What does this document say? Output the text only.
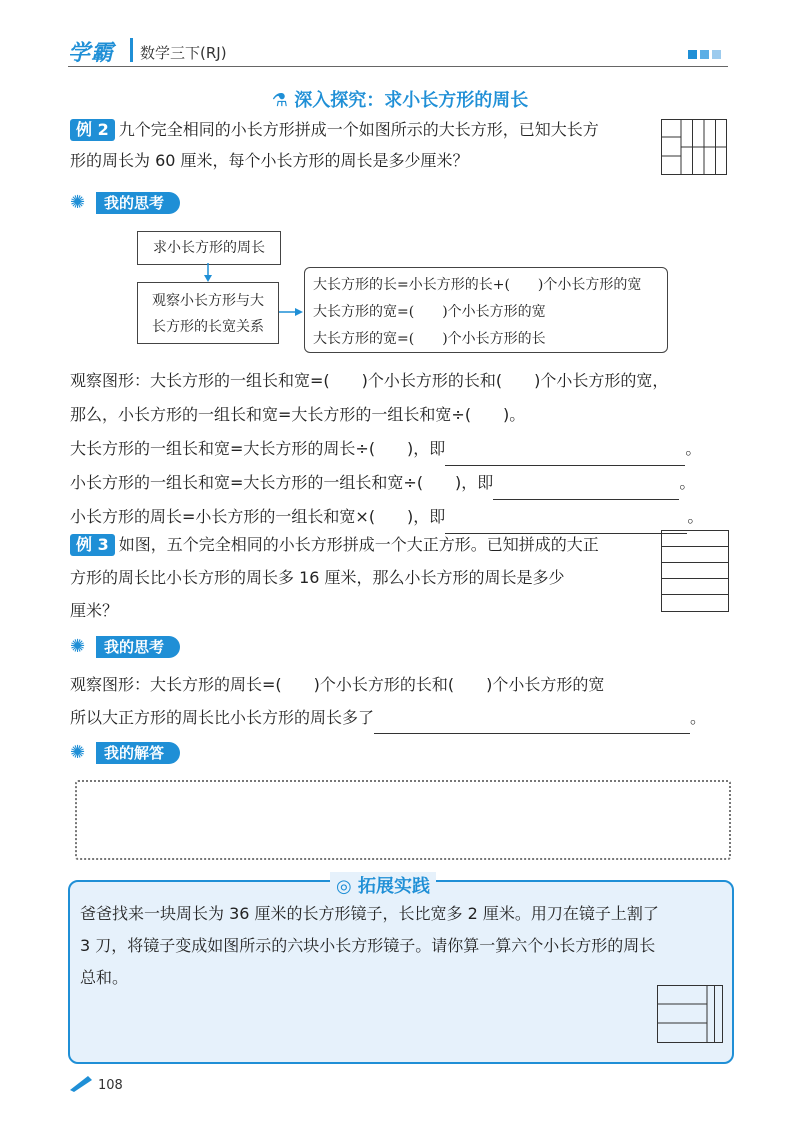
学霸 数学三下(RJ)
⚗ 深入探究：求小长方形的周长
例 2 九个完全相同的小长方形拼成一个如图所示的大长方形，已知大长方
形的周长为 60 厘米，每个小长方形的周长是多少厘米？
✺	我的思考
求小长方形的周长
观察小长方形与大
长方形的长宽关系
大长方形的长=小长方形的长+(　　)个小长方形的宽
大长方形的宽=(　　)个小长方形的宽
大长方形的宽=(　　)个小长方形的长
观察图形：大长方形的一组长和宽=(　　)个小长方形的长和(　　)个小长方形的宽，
那么，小长方形的一组长和宽=大长方形的一组长和宽÷(　　)。
大长方形的一组长和宽=大长方形的周长÷(　　)，即	。
小长方形的一组长和宽=大长方形的一组长和宽÷(　　)，即	。
小长方形的周长=小长方形的一组长和宽×(　　)，即	。
例 3 如图，五个完全相同的小长方形拼成一个大正方形。已知拼成的大正
方形的周长比小长方形的周长多 16 厘米，那么小长方形的周长是多少
厘米？
✺	我的思考
观察图形：大长方形的周长=(　　)个小长方形的长和(　　)个小长方形的宽
所以大正方形的周长比小长方形的周长多了	。
✺	我的解答
◎ 拓展实践
爸爸找来一块周长为 36 厘米的长方形镜子，长比宽多 2 厘米。用刀在镜子上割了
3 刀，将镜子变成如图所示的六块小长方形镜子。请你算一算六个小长方形的周长
总和。
108
